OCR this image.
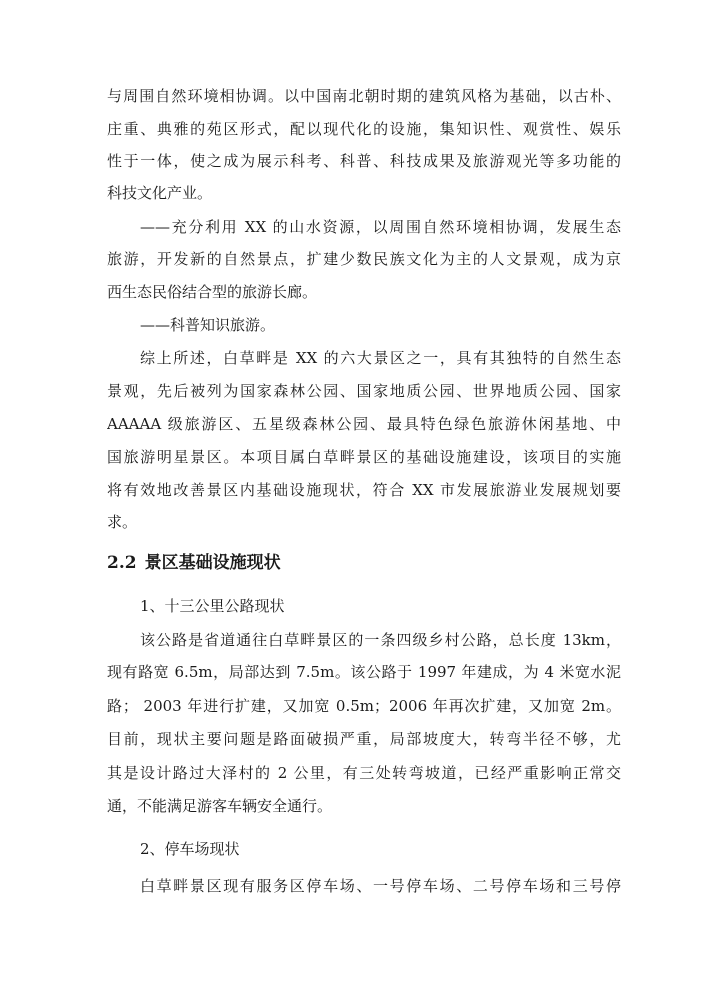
与周围自然环境相协调。以中国南北朝时期的建筑风格为基础，以古朴、
庄重、典雅的苑区形式，配以现代化的设施，集知识性、观赏性、娱乐
性于一体，使之成为展示科考、科普、科技成果及旅游观光等多功能的
科技文化产业。
——充分利用 XX 的山水资源，以周围自然环境相协调，发展生态
旅游，开发新的自然景点，扩建少数民族文化为主的人文景观，成为京
西生态民俗结合型的旅游长廊。
——科普知识旅游。
综上所述，白草畔是 XX 的六大景区之一，具有其独特的自然生态
景观，先后被列为国家森林公园、国家地质公园、世界地质公园、国家
AAAAA 级旅游区、五星级森林公园、最具特色绿色旅游休闲基地、中
国旅游明星景区。本项目属白草畔景区的基础设施建设，该项目的实施
将有效地改善景区内基础设施现状，符合 XX 市发展旅游业发展规划要
求。
2.2 景区基础设施现状
1、十三公里公路现状
该公路是省道通往白草畔景区的一条四级乡村公路，总长度 13km，
现有路宽 6.5m，局部达到 7.5m。该公路于 1997 年建成，为 4 米宽水泥
路； 2003 年进行扩建，又加宽 0.5m；2006 年再次扩建，又加宽 2m。
目前，现状主要问题是路面破损严重，局部坡度大，转弯半径不够，尤
其是设计路过大泽村的 2 公里，有三处转弯坡道，已经严重影响正常交
通，不能满足游客车辆安全通行。
2、停车场现状
白草畔景区现有服务区停车场、一号停车场、二号停车场和三号停
